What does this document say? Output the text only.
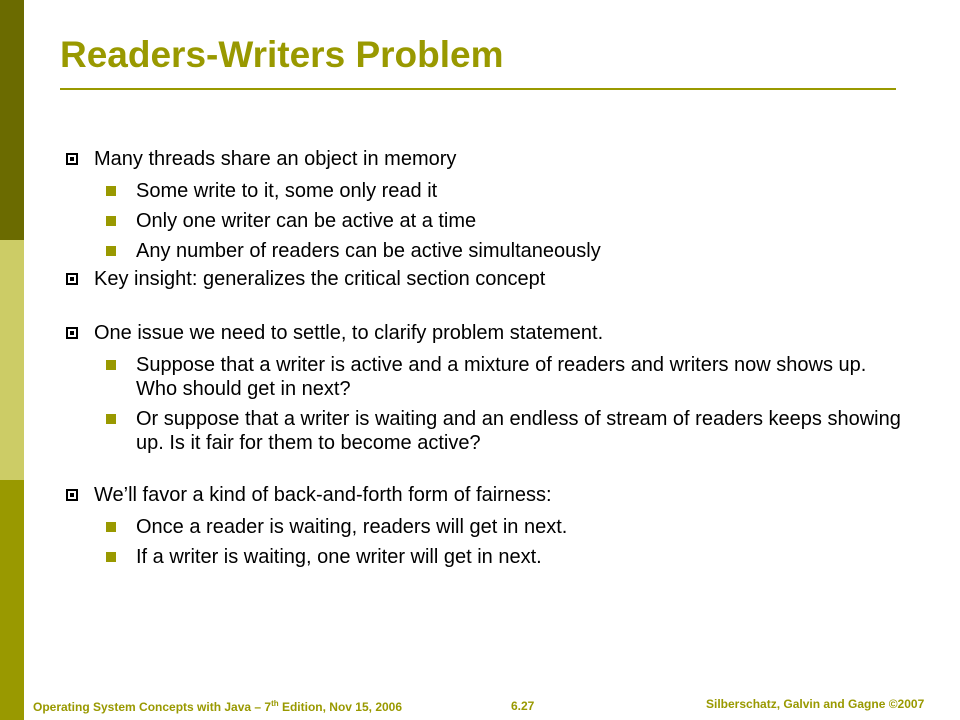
Readers-Writers Problem
Many threads share an object in memory
Some write to it, some only read it
Only one writer can be active at a time
Any number of readers can be active simultaneously
Key insight: generalizes the critical section concept
One issue we need to settle, to clarify problem statement.
Suppose that a writer is active and a mixture of readers and writers now shows up. Who should get in next?
Or suppose that a writer is waiting and an endless of stream of readers keeps showing up. Is it fair for them to become active?
We’ll favor a kind of back-and-forth form of fairness:
Once a reader is waiting, readers will get in next.
If a writer is waiting, one writer will get in next.
Operating System Concepts with Java – 7th Edition, Nov 15, 2006	6.27	Silberschatz, Galvin and Gagne ©2007
